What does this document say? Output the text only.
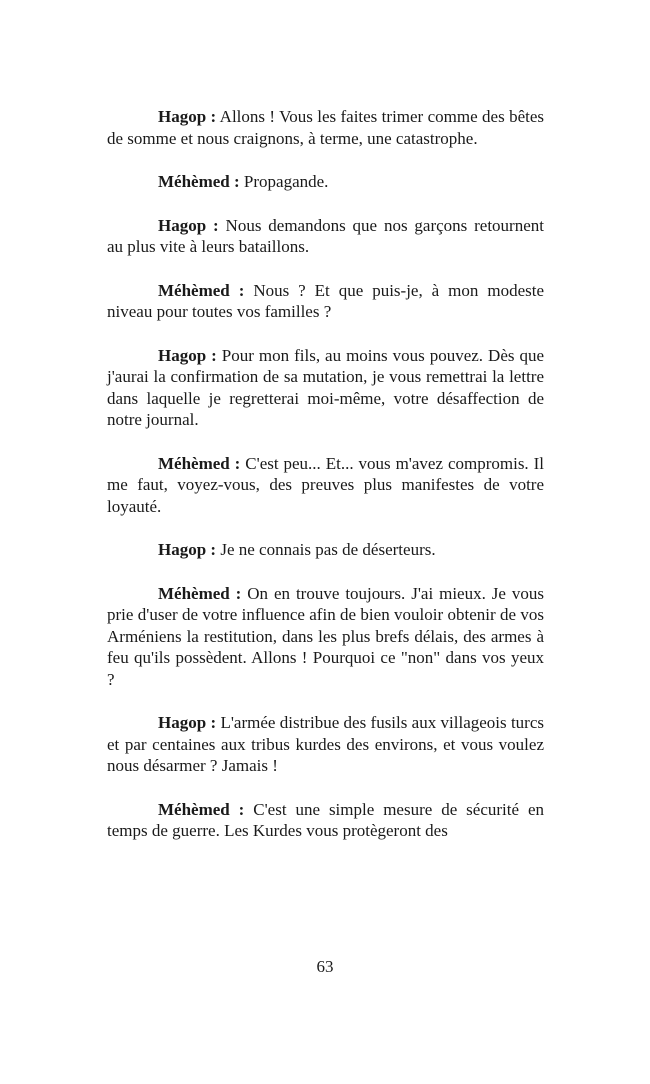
Hagop : Allons ! Vous les faites trimer comme des bêtes de somme et nous craignons, à terme, une catastrophe.

Méhèmed : Propagande.

Hagop : Nous demandons que nos garçons retournent au plus vite à leurs bataillons.

Méhèmed : Nous ? Et que puis-je, à mon modeste niveau pour toutes vos familles ?

Hagop : Pour mon fils, au moins vous pouvez. Dès que j'aurai la confirmation de sa mutation, je vous remettrai la lettre dans laquelle je regretterai moi-même, votre désaffection de notre journal.

Méhèmed : C'est peu... Et... vous m'avez compromis. Il me faut, voyez-vous, des preuves plus manifestes de votre loyauté.

Hagop : Je ne connais pas de déserteurs.

Méhèmed : On en trouve toujours. J'ai mieux. Je vous prie d'user de votre influence afin de bien vouloir obtenir de vos Arméniens la restitution, dans les plus brefs délais, des armes à feu qu'ils possèdent. Allons ! Pourquoi ce "non" dans vos yeux ?

Hagop : L'armée distribue des fusils aux villageois turcs et par centaines aux tribus kurdes des environs, et vous voulez nous désarmer ? Jamais !

Méhèmed : C'est une simple mesure de sécurité en temps de guerre. Les Kurdes vous protègeront des

63
